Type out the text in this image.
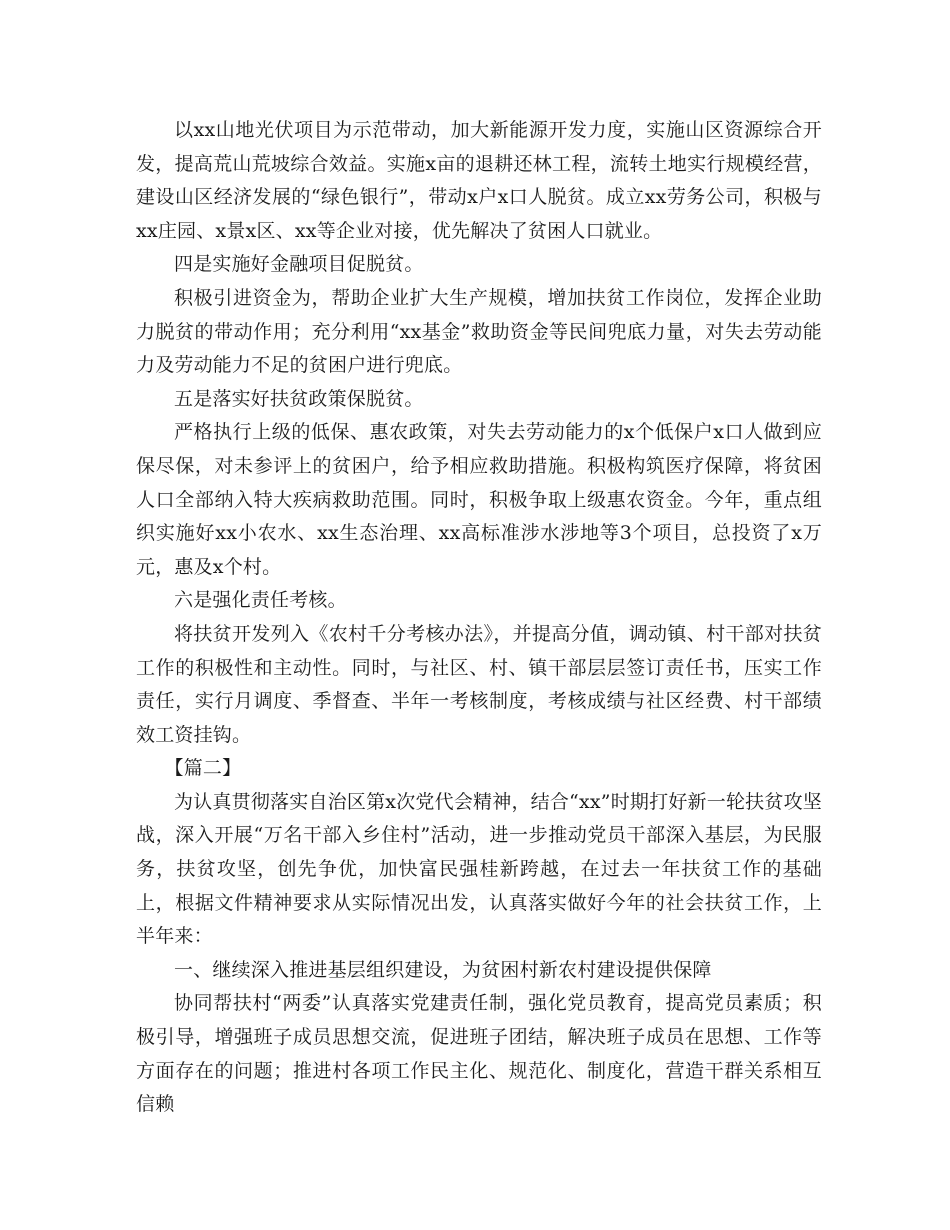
以xx山地光伏项目为示范带动，加大新能源开发力度，实施山区资源综合开发，提高荒山荒坡综合效益。实施x亩的退耕还林工程，流转土地实行规模经营，建设山区经济发展的“绿色银行”，带动x户x口人脱贫。成立xx劳务公司，积极与xx庄园、x景x区、xx等企业对接，优先解决了贫困人口就业。

四是实施好金融项目促脱贫。

积极引进资金为，帮助企业扩大生产规模，增加扶贫工作岗位，发挥企业助力脱贫的带动作用；充分利用“xx基金”救助资金等民间兜底力量，对失去劳动能力及劳动能力不足的贫困户进行兜底。

五是落实好扶贫政策保脱贫。

严格执行上级的低保、惠农政策，对失去劳动能力的x个低保户x口人做到应保尽保，对未参评上的贫困户，给予相应救助措施。积极构筑医疗保障，将贫困人口全部纳入特大疾病救助范围。同时，积极争取上级惠农资金。今年，重点组织实施好xx小农水、xx生态治理、xx高标准涉水涉地等3个项目，总投资了x万元，惠及x个村。

六是强化责任考核。

将扶贫开发列入《农村千分考核办法》，并提高分值，调动镇、村干部对扶贫工作的积极性和主动性。同时，与社区、村、镇干部层层签订责任书，压实工作责任，实行月调度、季督查、半年一考核制度，考核成绩与社区经费、村干部绩效工资挂钩。

【篇二】

为认真贯彻落实自治区第x次党代会精神，结合“xx”时期打好新一轮扶贫攻坚战，深入开展“万名干部入乡住村”活动，进一步推动党员干部深入基层，为民服务，扶贫攻坚，创先争优，加快富民强桂新跨越，在过去一年扶贫工作的基础上，根据文件精神要求从实际情况出发，认真落实做好今年的社会扶贫工作，上半年来：

一、继续深入推进基层组织建设，为贫困村新农村建设提供保障

协同帮扶村“两委”认真落实党建责任制，强化党员教育，提高党员素质；积极引导，增强班子成员思想交流，促进班子团结，解决班子成员在思想、工作等方面存在的问题；推进村各项工作民主化、规范化、制度化，营造干群关系相互信赖
